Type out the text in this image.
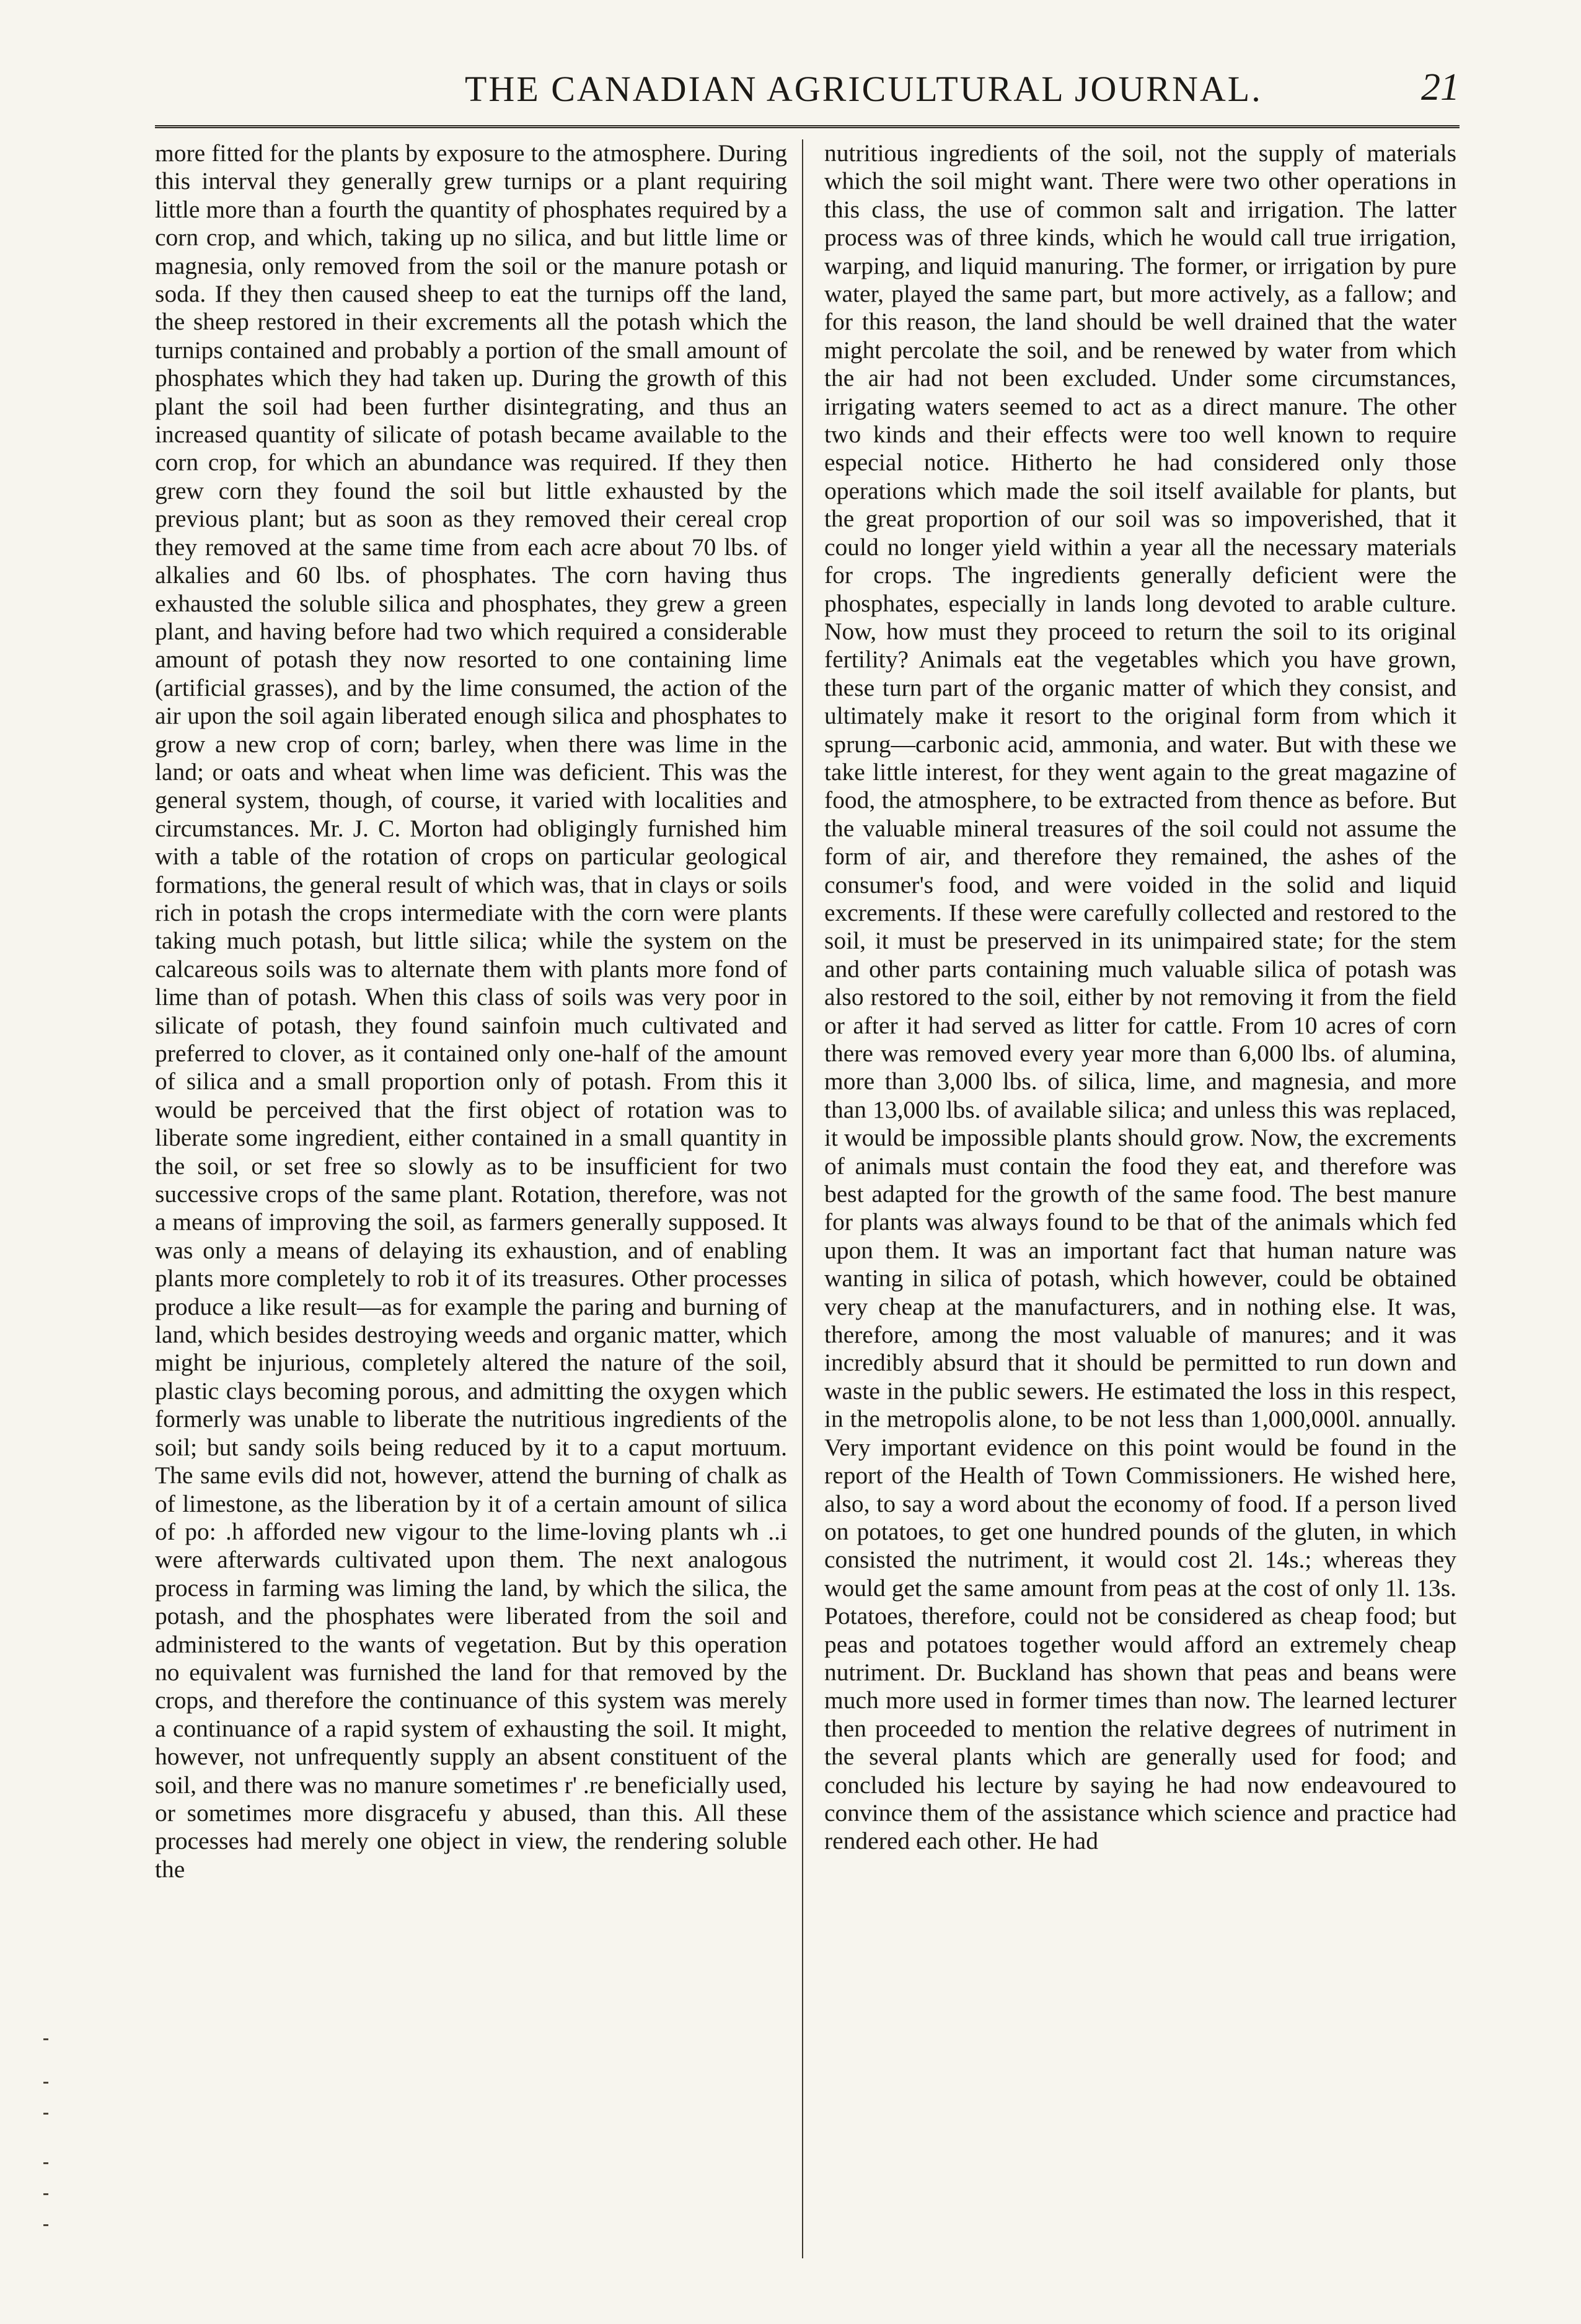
THE CANADIAN AGRICULTURAL JOURNAL.	21

more fitted for the plants by exposure to the atmosphere. During this interval they generally grew turnips or a plant requiring little more than a fourth the quantity of phosphates required by a corn crop, and which, taking up no silica, and but little lime or magnesia, only removed from the soil or the manure potash or soda. If they then caused sheep to eat the turnips off the land, the sheep restored in their excrements all the potash which the turnips contained and probably a portion of the small amount of phosphates which they had taken up. During the growth of this plant the soil had been further disintegrating, and thus an increased quantity of silicate of potash became available to the corn crop, for which an abundance was required. If they then grew corn they found the soil but little exhausted by the previous plant; but as soon as they removed their cereal crop they removed at the same time from each acre about 70 lbs. of alkalies and 60 lbs. of phosphates. The corn having thus exhausted the soluble silica and phosphates, they grew a green plant, and having before had two which required a considerable amount of potash they now resorted to one containing lime (artificial grasses), and by the lime consumed, the action of the air upon the soil again liberated enough silica and phosphates to grow a new crop of corn; barley, when there was lime in the land; or oats and wheat when lime was deficient. This was the general system, though, of course, it varied with localities and circumstances. Mr. J. C. Morton had obligingly furnished him with a table of the rotation of crops on particular geological formations, the general result of which was, that in clays or soils rich in potash the crops intermediate with the corn were plants taking much potash, but little silica; while the system on the calcareous soils was to alternate them with plants more fond of lime than of potash. When this class of soils was very poor in silicate of potash, they found sainfoin much cultivated and preferred to clover, as it contained only one-half of the amount of silica and a small proportion only of potash. From this it would be perceived that the first object of rotation was to liberate some ingredient, either contained in a small quantity in the soil, or set free so slowly as to be insufficient for two successive crops of the same plant. Rotation, therefore, was not a means of improving the soil, as farmers generally supposed. It was only a means of delaying its exhaustion, and of enabling plants more completely to rob it of its treasures. Other processes produce a like result—as for example the paring and burning of land, which besides destroying weeds and organic matter, which might be injurious, completely altered the nature of the soil, plastic clays becoming porous, and admitting the oxygen which formerly was unable to liberate the nutritious ingredients of the soil; but sandy soils being reduced by it to a caput mortuum. The same evils did not, however, attend the burning of chalk as of limestone, as the liberation by it of a certain amount of silica of po: .h afforded new vigour to the lime-loving plants wh ..i were afterwards cultivated upon them. The next analogous process in farming was liming the land, by which the silica, the potash, and the phosphates were liberated from the soil and administered to the wants of vegetation. But by this operation no equivalent was furnished the land for that removed by the crops, and therefore the continuance of this system was merely a continuance of a rapid system of exhausting the soil. It might, however, not unfrequently supply an absent constituent of the soil, and there was no manure sometimes r' .re beneficially used, or sometimes more disgracefu y abused, than this. All these processes had merely one object in view, the rendering soluble the

nutritious ingredients of the soil, not the supply of materials which the soil might want. There were two other operations in this class, the use of common salt and irrigation. The latter process was of three kinds, which he would call true irrigation, warping, and liquid manuring. The former, or irrigation by pure water, played the same part, but more actively, as a fallow; and for this reason, the land should be well drained that the water might percolate the soil, and be renewed by water from which the air had not been excluded. Under some circumstances, irrigating waters seemed to act as a direct manure. The other two kinds and their effects were too well known to require especial notice. Hitherto he had considered only those operations which made the soil itself available for plants, but the great proportion of our soil was so impoverished, that it could no longer yield within a year all the necessary materials for crops. The ingredients generally deficient were the phosphates, especially in lands long devoted to arable culture. Now, how must they proceed to return the soil to its original fertility? Animals eat the vegetables which you have grown, these turn part of the organic matter of which they consist, and ultimately make it resort to the original form from which it sprung—carbonic acid, ammonia, and water. But with these we take little interest, for they went again to the great magazine of food, the atmosphere, to be extracted from thence as before. But the valuable mineral treasures of the soil could not assume the form of air, and therefore they remained, the ashes of the consumer's food, and were voided in the solid and liquid excrements. If these were carefully collected and restored to the soil, it must be preserved in its unimpaired state; for the stem and other parts containing much valuable silica of potash was also restored to the soil, either by not removing it from the field or after it had served as litter for cattle. From 10 acres of corn there was removed every year more than 6,000 lbs. of alumina, more than 3,000 lbs. of silica, lime, and magnesia, and more than 13,000 lbs. of available silica; and unless this was replaced, it would be impossible plants should grow. Now, the excrements of animals must contain the food they eat, and therefore was best adapted for the growth of the same food. The best manure for plants was always found to be that of the animals which fed upon them. It was an important fact that human nature was wanting in silica of potash, which however, could be obtained very cheap at the manufacturers, and in nothing else. It was, therefore, among the most valuable of manures; and it was incredibly absurd that it should be permitted to run down and waste in the public sewers. He estimated the loss in this respect, in the metropolis alone, to be not less than 1,000,000l. annually. Very important evidence on this point would be found in the report of the Health of Town Commissioners. He wished here, also, to say a word about the economy of food. If a person lived on potatoes, to get one hundred pounds of the gluten, in which consisted the nutriment, it would cost 2l. 14s.; whereas they would get the same amount from peas at the cost of only 1l. 13s. Potatoes, therefore, could not be considered as cheap food; but peas and potatoes together would afford an extremely cheap nutriment. Dr. Buckland has shown that peas and beans were much more used in former times than now. The learned lecturer then proceeded to mention the relative degrees of nutriment in the several plants which are generally used for food; and concluded his lecture by saying he had now endeavoured to convince them of the assistance which science and practice had rendered each other. He had
